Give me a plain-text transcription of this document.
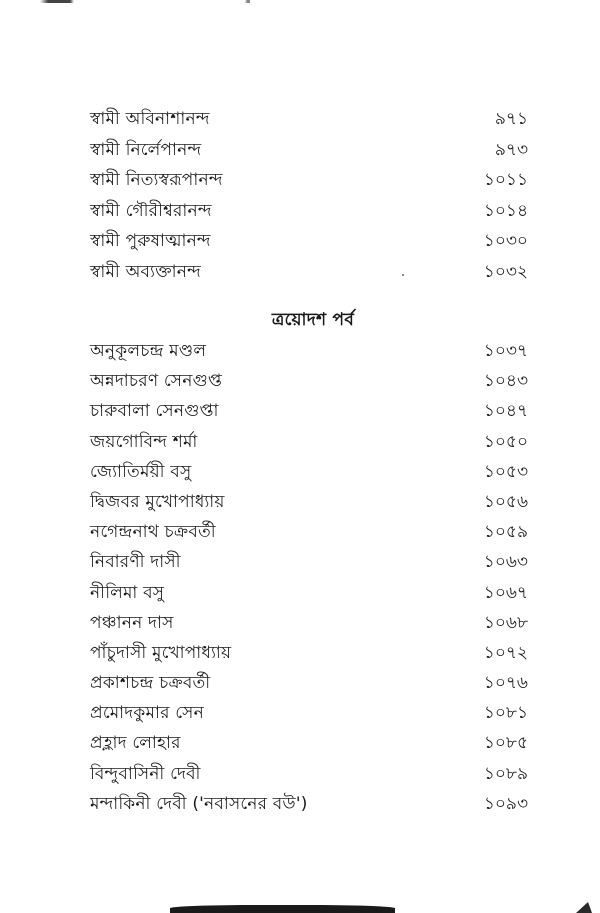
স্বামী অবিনাশানন্দ	৯৭১
স্বামী নির্লেপানন্দ	৯৭৩
স্বামী নিত্যস্বরূপানন্দ	১০১১
স্বামী গৌরীশ্বরানন্দ	১০১৪
স্বামী পুরুষাত্মানন্দ	১০৩০
স্বামী অব্যক্তানন্দ	১০৩২
ত্রয়োদশ পর্ব
অনুকূলচন্দ্র মণ্ডল	১০৩৭
অন্নদাচরণ সেনগুপ্ত	১০৪৩
চারুবালা সেনগুপ্তা	১০৪৭
জয়গোবিন্দ শর্মা	১০৫০
জ্যোতির্ময়ী বসু	১০৫৩
দ্বিজবর মুখোপাধ্যায়	১০৫৬
নগেন্দ্রনাথ চক্রবর্তী	১০৫৯
নিবারণী দাসী	১০৬৩
নীলিমা বসু	১০৬৭
পঞ্চানন দাস	১০৬৮
পাঁচুদাসী মুখোপাধ্যায়	১০৭২
প্রকাশচন্দ্র চক্রবর্তী	১০৭৬
প্রমোদকুমার সেন	১০৮১
প্রহ্লাদ লোহার	১০৮৫
বিন্দুবাসিনী দেবী	১০৮৯
মন্দাকিনী দেবী ('নবাসনের বউ')	১০৯৩
